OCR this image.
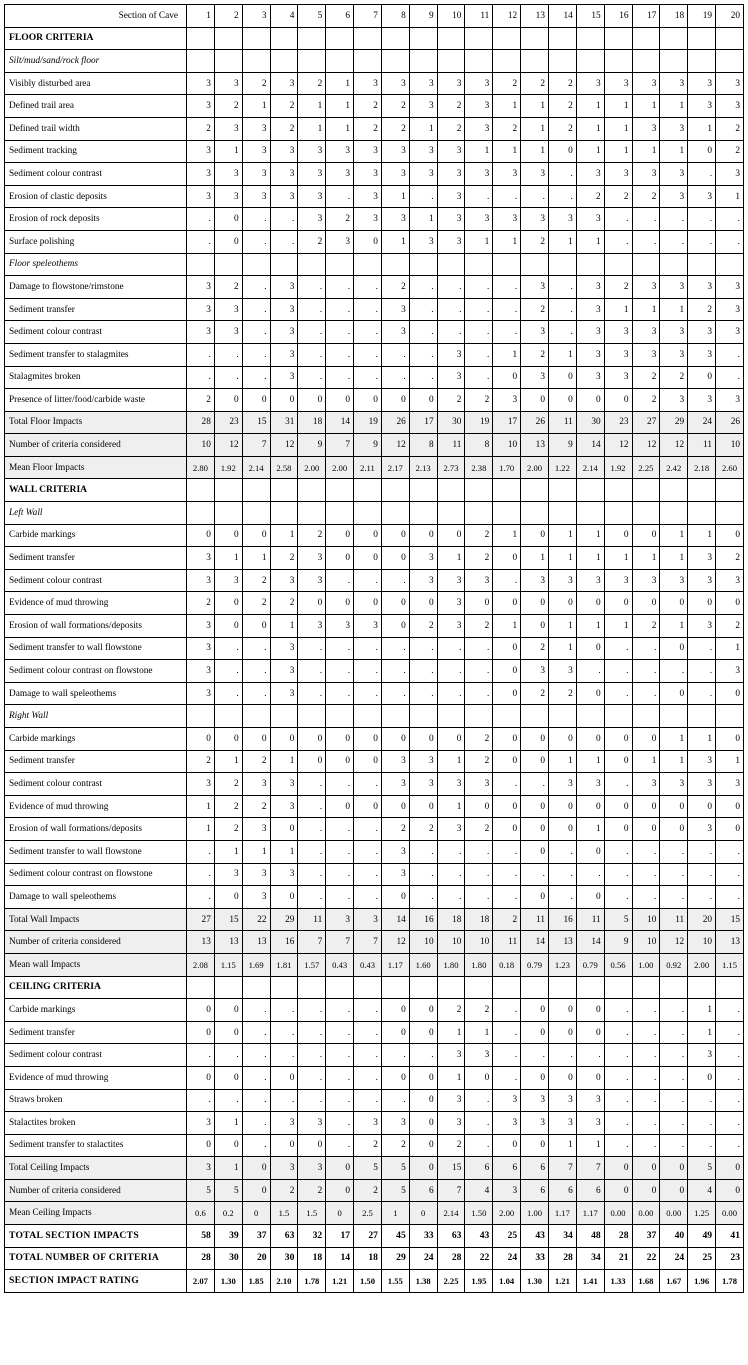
Section of Cave	1	2	3	4	5	6	7	8	9	10	11	12	13	14	15	16	17	18	19	20
FLOOR CRITERIA																				
Silt/mud/sand/rock floor																				
Visibly disturbed area	3	3	2	3	2	1	3	3	3	3	3	2	2	2	3	3	3	3	3	3
Defined trail area	3	2	1	2	1	1	2	2	3	2	3	1	1	2	1	1	1	1	3	3
Defined trail width	2	3	3	2	1	1	2	2	1	2	3	2	1	2	1	1	3	3	1	2
Sediment tracking	3	1	3	3	3	3	3	3	3	3	1	1	1	0	1	1	1	1	0	2
Sediment colour contrast	3	3	3	3	3	3	3	3	3	3	3	3	3	.	3	3	3	3	.	3
Erosion of clastic deposits	3	3	3	3	3	.	3	1	.	3	.	.	.	.	2	2	2	3	3	1
Erosion of rock deposits	.	0	.	.	3	2	3	3	1	3	3	3	3	3	3	.	.	.	.	.
Surface polishing	.	0	.	.	2	3	0	1	3	3	1	1	2	1	1	.	.	.	.	.
Floor speleothems																				
Damage to flowstone/rimstone	3	2	.	3	.	.	.	2	.	.	.	.	3	.	3	2	3	3	3	3
Sediment transfer	3	3	.	3	.	.	.	3	.	.	.	.	2	.	3	1	1	1	2	3
Sediment colour contrast	3	3	.	3	.	.	.	3	.	.	.	.	3	.	3	3	3	3	3	3
Sediment transfer to stalagmites	.	.	.	3	.	.	.	.	.	3	.	1	2	1	3	3	3	3	3	.
Stalagmites broken	.	.	.	3	.	.	.	.	.	3	.	0	3	0	3	3	2	2	0	.
Presence of litter/food/carbide waste	2	0	0	0	0	0	0	0	0	2	2	3	0	0	0	0	2	3	3	3
Total Floor Impacts	28	23	15	31	18	14	19	26	17	30	19	17	26	11	30	23	27	29	24	26
Number of criteria considered	10	12	7	12	9	7	9	12	8	11	8	10	13	9	14	12	12	12	11	10
Mean Floor Impacts	2.80	1.92	2.14	2.58	2.00	2.00	2.11	2.17	2.13	2.73	2.38	1.70	2.00	1.22	2.14	1.92	2.25	2.42	2.18	2.60
WALL CRITERIA																				
Left Wall																				
Carbide markings	0	0	0	1	2	0	0	0	0	0	2	1	0	1	1	0	0	1	1	0
Sediment transfer	3	1	1	2	3	0	0	0	3	1	2	0	1	1	1	1	1	1	3	2
Sediment colour contrast	3	3	2	3	3	.	.	.	3	3	3	.	3	3	3	3	3	3	3	3
Evidence of mud throwing	2	0	2	2	0	0	0	0	0	3	0	0	0	0	0	0	0	0	0	0
Erosion of wall formations/deposits	3	0	0	1	3	3	3	0	2	3	2	1	0	1	1	1	2	1	3	2
Sediment transfer to wall flowstone	3	.	.	3	.	.	.	.	.	.	.	0	2	1	0	.	.	0	.	1
Sediment colour contrast on flowstone	3	.	.	3	.	.	.	.	.	.	.	0	3	3	.	.	.	.	.	3
Damage to wall speleothems	3	.	.	3	.	.	.	.	.	.	.	0	2	2	0	.	.	0	.	0
Right Wall																				
Carbide markings	0	0	0	0	0	0	0	0	0	0	2	0	0	0	0	0	0	1	1	0
Sediment transfer	2	1	2	1	0	0	0	3	3	1	2	0	0	1	1	0	1	1	3	1
Sediment colour contrast	3	2	3	3	.	.	.	3	3	3	3	.	.	3	3	.	3	3	3	3
Evidence of mud throwing	1	2	2	3	.	0	0	0	0	1	0	0	0	0	0	0	0	0	0	0
Erosion of wall formations/deposits	1	2	3	0	.	.	.	2	2	3	2	0	0	0	1	0	0	0	3	0
Sediment transfer to wall flowstone	.	1	1	1	.	.	.	3	.	.	.	.	0	.	0	.	.	.	.	.
Sediment colour contrast on flowstone	.	3	3	3	.	.	.	3	.	.	.	.	.	.	.	.	.	.	.	.
Damage to wall speleothems	.	0	3	0	.	.	.	0	.	.	.	.	0	.	0	.	.	.	.	.
Total Wall Impacts	27	15	22	29	11	3	3	14	16	18	18	2	11	16	11	5	10	11	20	15
Number of criteria considered	13	13	13	16	7	7	7	12	10	10	10	11	14	13	14	9	10	12	10	13
Mean wall Impacts	2.08	1.15	1.69	1.81	1.57	0.43	0.43	1.17	1.60	1.80	1.80	0.18	0.79	1.23	0.79	0.56	1.00	0.92	2.00	1.15
CEILING CRITERIA																				
Carbide markings	0	0	.	.	.	.	.	0	0	2	2	.	0	0	0	.	.	.	1	.
Sediment transfer	0	0	.	.	.	.	.	0	0	1	1	.	0	0	0	.	.	.	1	.
Sediment colour contrast	.	.	.	.	.	.	.	.	.	3	3	.	.	.	.	.	.	.	3	.
Evidence of mud throwing	0	0	.	0	.	.	.	0	0	1	0	.	0	0	0	.	.	.	0	.
Straws broken	.	.	.	.	.	.	.	.	0	3	.	3	3	3	3	.	.	.	.	.
Stalactites broken	3	1	.	3	3	.	3	3	0	3	.	3	3	3	3	.	.	.	.	.
Sediment transfer to stalactites	0	0	.	0	0	.	2	2	0	2	.	0	0	1	1	.	.	.	.	.
Total Ceiling Impacts	3	1	0	3	3	0	5	5	0	15	6	6	6	7	7	0	0	0	5	0
Number of criteria considered	5	5	0	2	2	0	2	5	6	7	4	3	6	6	6	0	0	0	4	0
Mean Ceiling Impacts	0.6	0.2	0	1.5	1.5	0	2.5	1	0	2.14	1.50	2.00	1.00	1.17	1.17	0.00	0.00	0.00	1.25	0.00
TOTAL SECTION IMPACTS	58	39	37	63	32	17	27	45	33	63	43	25	43	34	48	28	37	40	49	41
TOTAL NUMBER OF CRITERIA	28	30	20	30	18	14	18	29	24	28	22	24	33	28	34	21	22	24	25	23
SECTION IMPACT RATING	2.07	1.30	1.85	2.10	1.78	1.21	1.50	1.55	1.38	2.25	1.95	1.04	1.30	1.21	1.41	1.33	1.68	1.67	1.96	1.78
